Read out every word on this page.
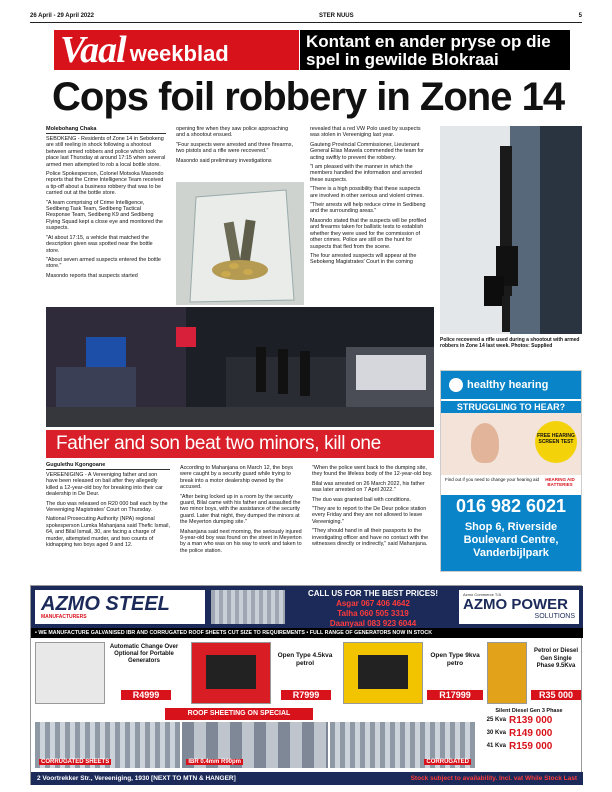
26 April - 29 April 2022	STER NUUS	5
Vaal weekblad	Kontant en ander pryse op die spel in gewilde Blokraai
Cops foil robbery in Zone 14
Molebohang Chaka

SEBOKENG - Residents of Zone 14 in Sebokeng are still reeling in shock following a shootout between armed robbers and police which took place last Thursday at around 17:15 when several armed men attempted to rob a local bottle store.

Police Spokesperson, Colonel Motsoka Masondo reports that the Crime Intelligence Team received a tip-off about a business robbery that was to be carried out at the bottle store.

"A team comprising of Crime Intelligence, Sedibeng Task Team, Sedibeng Tactical Response Team, Sedibeng K9 and Sedibeng Flying Squad kept a close eye and monitored the suspects.

"At about 17:15, a vehicle that matched the description given was spotted near the bottle store.

"About seven armed suspects entered the bottle store."

Masondo reports that suspects started

opening fire when they saw police approaching and a shootout ensued.

"Four suspects were arrested and three firearms, two pistols and a rifle were recovered."

Masondo said preliminary investigations

revealed that a red VW Polo used by suspects was stolen in Vereeniging last year.

Gauteng Provincial Commissioner, Lieutenant General Elias Mawela commended the team for acting swiftly to prevent the robbery.

"I am pleased with the manner in which the members handled the information and arrested these suspects.

"There is a high possibility that these suspects are involved in other serious and violent crimes.

"Their arrests will help reduce crime in Sedibeng and the surrounding areas."

Masondo stated that the suspects will be profiled and firearms taken for ballistic tests to establish whether they were used for the commission of other crimes. Police are still on the hunt for suspects that fled from the scene.

The four arrested suspects will appear at the Sebokeng Magistrates' Court in the coming

Police recovered a rifle used during a shootout with armed robbers in Zone 14 last week. Photos: Supplied
Father and son beat two minors, kill one
Gugulethu Kgongoane

VEREENIGING - A Vereeniging father and son have been released on bail after they allegedly killed a 12-year-old boy for breaking into their car dealership in De Deur.

The duo was released on R20 000 bail each by the Vereeniging Magistrates' Court on Thursday.

National Prosecuting Authority (NPA) regional spokesperson Lumka Mahanjana said Thefic Ismail, 64, and Bilal Ismail, 30, are facing a charge of murder, attempted murder, and two counts of kidnapping two boys aged 9 and 12.

According to Mahanjana on March 12, the boys were caught by a security guard while trying to break into a motor dealership owned by the accused.

"After being locked up in a room by the security guard, Bilal came with his father and assaulted the two minor boys, with the assistance of the security guard. Later that night, they dumped the minors at the Meyerton dumping site."

Mahanjana said next morning, the seriously injured 9-year-old boy was found on the street in Meyerton by a man who was on his way to work and taken to the police station.

"When the police went back to the dumping site, they found the lifeless body of the 12-year-old boy.

Bilal was arrested on 26 March 2022, his father was later arrested on 7 April 2022."

The duo was granted bail with conditions.

"They are to report to the De Deur police station every Friday and they are not allowed to leave Vereeniging."

"They should hand in all their passports to the investigating officer and have no contact with the witnesses directly or indirectly," said Mahanjana.

healthy hearing
STRUGGLING TO HEAR?
FREE HEARING SCREEN TEST
Find out if you need to change your hearing aid	HEARING AID BATTERIES
016 982 6021
Shop 6, Riverside Boulevard Centre, Vanderbijlpark
AZMO STEEL
MANUFACTURERS
CALL US FOR THE BEST PRICES!
Asgar 067 406 4642
Talha 060 505 3319
Daanyaal 083 923 6044
Azmo Commerce T/A
AZMO POWER
SOLUTIONS
• WE MANUFACTURE GALVANISED IBR AND CORRUGATED ROOF SHEETS CUT SIZE TO REQUIREMENTS • FULL RANGE OF GENERATORS NOW IN STOCK
Automatic Change Over Optional for Portable Generators
R4999
Open Type 4.5kva petrol
R7999
Open Type 9kva petro
R17999
Petrol or Diesel Gen Single Phase 9.5Kva
R35 000
ROOF SHEETING ON SPECIAL
CORRUGATED SHEETS	IBR 0.4mm R90pm	CORRUGATED
Silent Diesel Gen 3 Phase
25 Kva R139 000
30 Kva R149 000
41 Kva R159 000
2 Voortrekker Str., Vereeniging, 1930 [NEXT TO MTN & HANGER]	Stock subject to availability. Incl. vat While Stock Last
